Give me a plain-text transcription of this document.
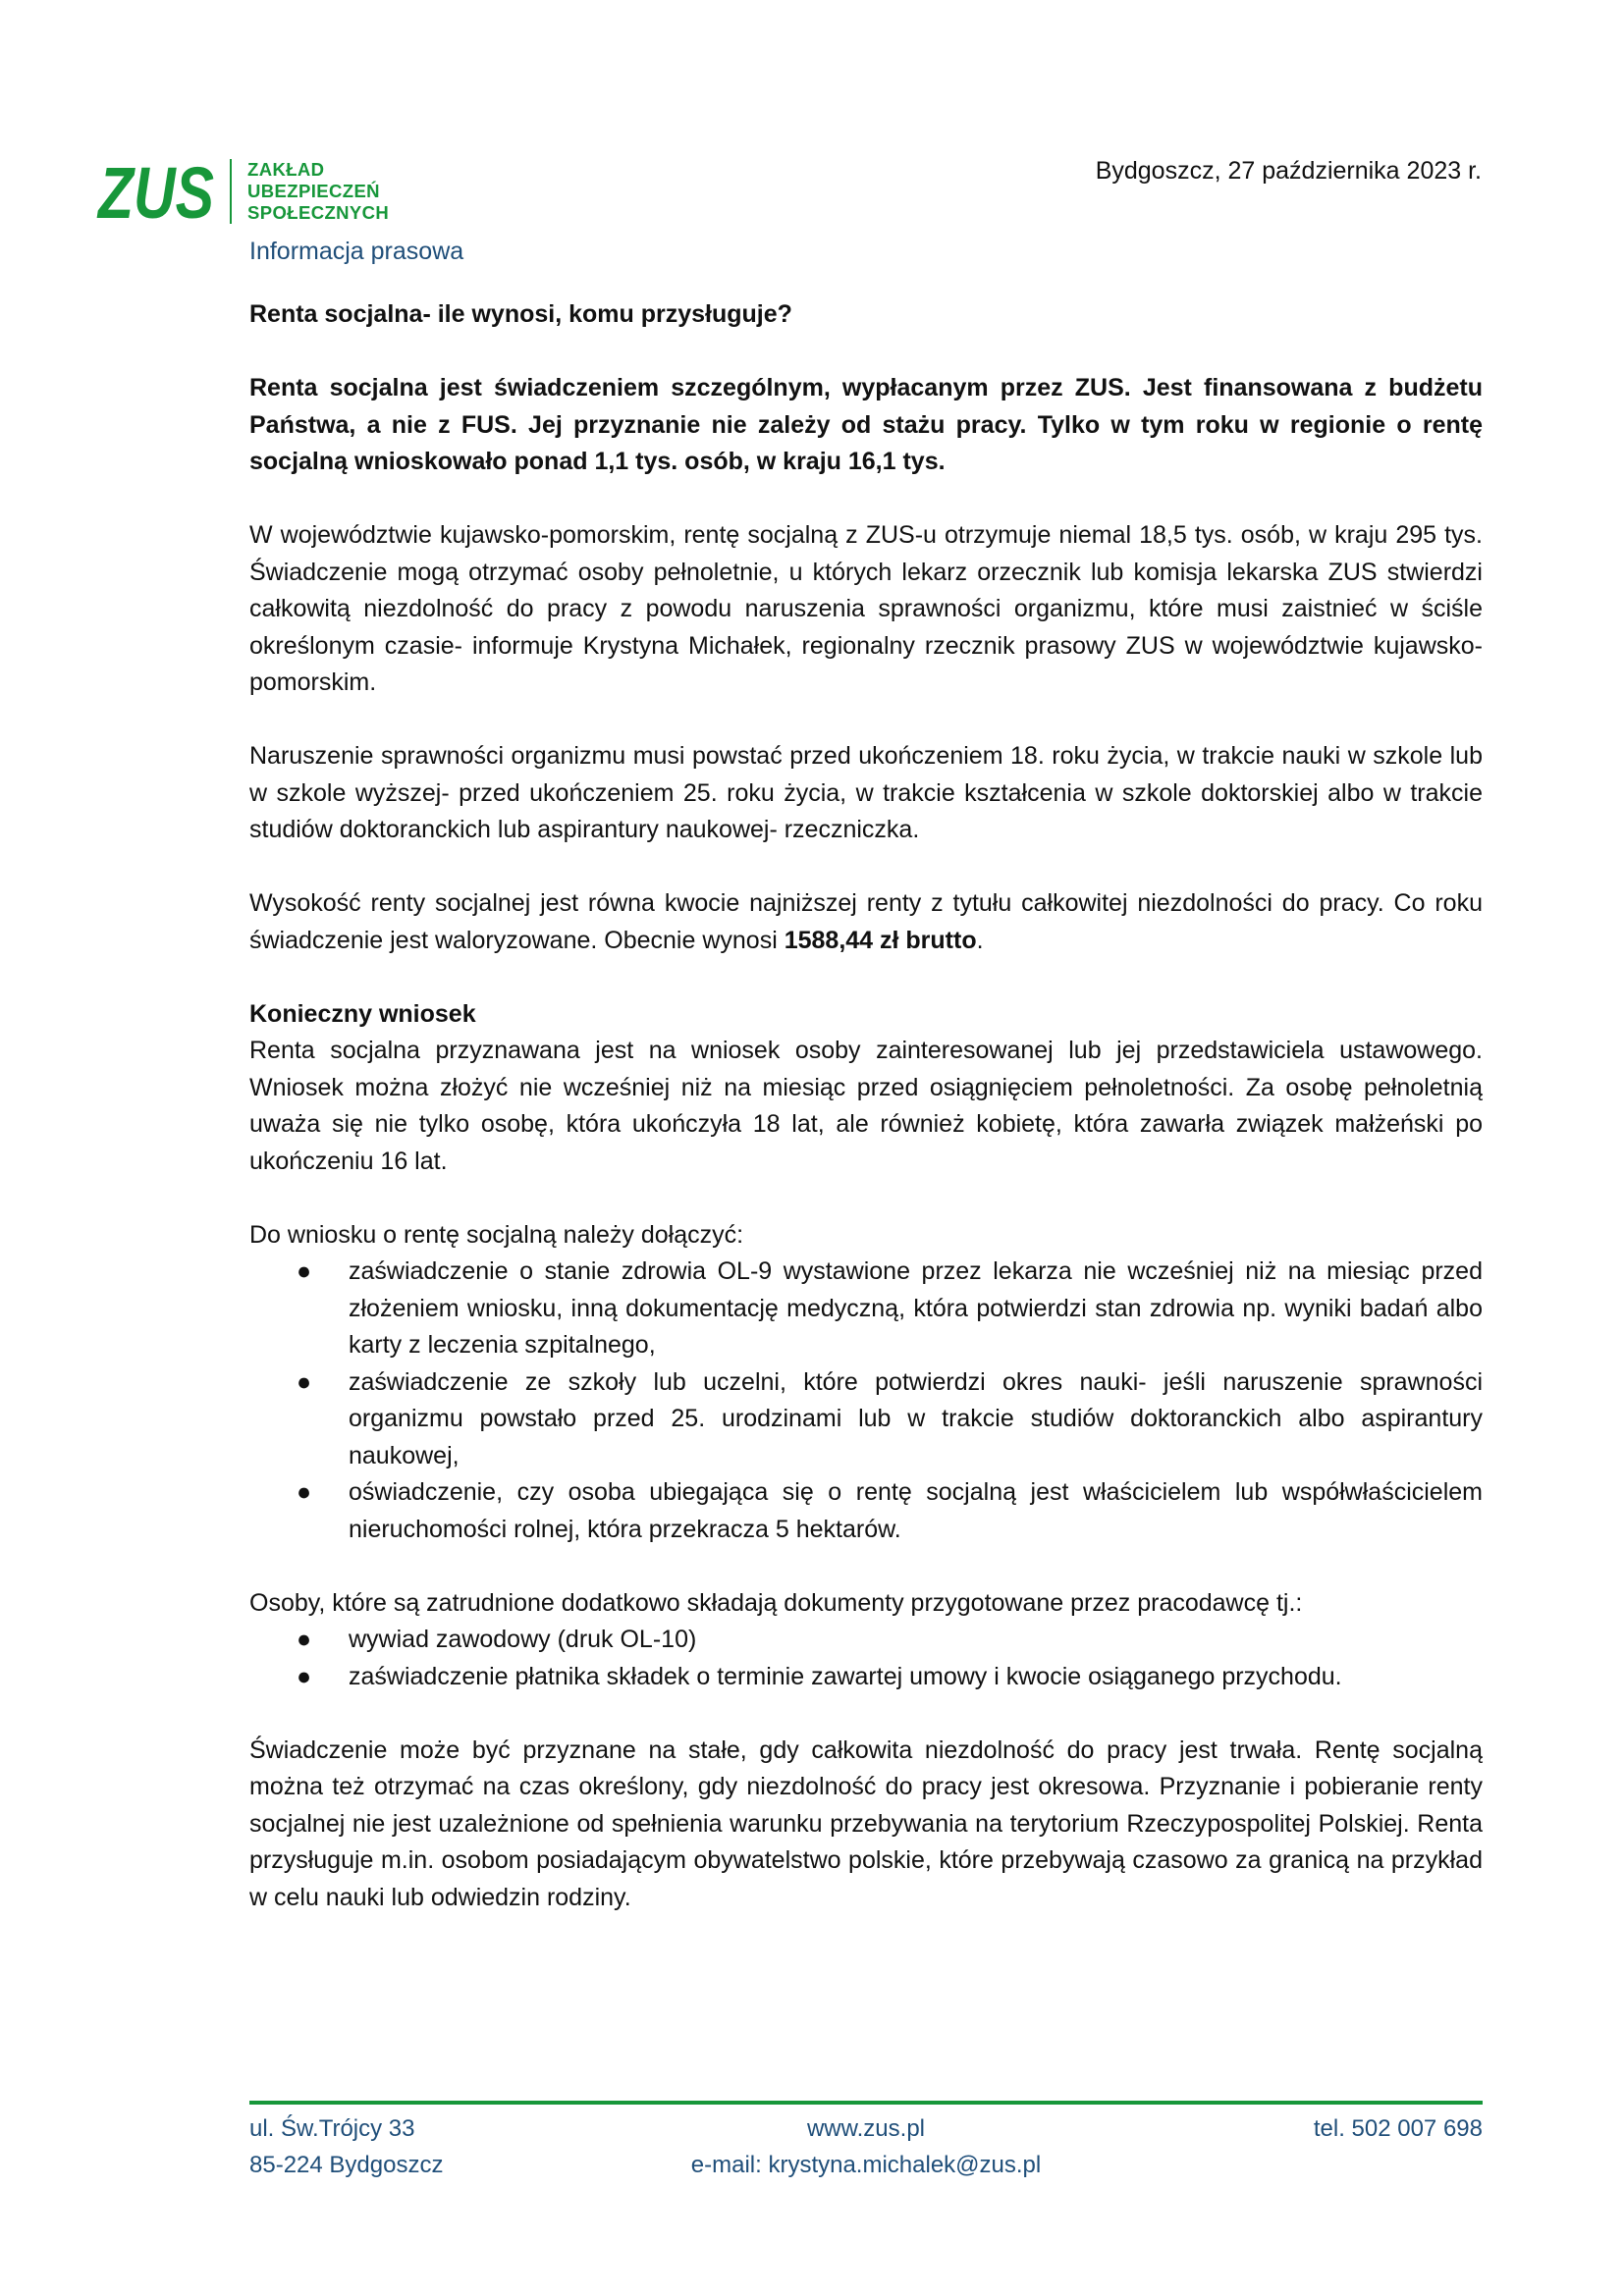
ZUS ZAKŁAD
UBEZPIECZEŃ
SPOŁECZNYCH
Informacja prasowa
Bydgoszcz, 27 października 2023 r.

Renta socjalna- ile wynosi, komu przysługuje?

Renta socjalna jest świadczeniem szczególnym, wypłacanym przez ZUS. Jest finansowana z budżetu Państwa, a nie z FUS. Jej przyznanie nie zależy od stażu pracy. Tylko w tym roku w regionie o rentę socjalną wnioskowało ponad 1,1 tys. osób, w kraju 16,1 tys.

W województwie kujawsko-pomorskim, rentę socjalną z ZUS-u otrzymuje niemal 18,5 tys. osób, w kraju 295 tys. Świadczenie mogą otrzymać osoby pełnoletnie, u których lekarz orzecznik lub komisja lekarska ZUS stwierdzi całkowitą niezdolność do pracy z powodu naruszenia sprawności organizmu, które musi zaistnieć w ściśle określonym czasie- informuje Krystyna Michałek, regionalny rzecznik prasowy ZUS w województwie kujawsko-pomorskim.

Naruszenie sprawności organizmu musi powstać przed ukończeniem 18. roku życia, w trakcie nauki w szkole lub w szkole wyższej- przed ukończeniem 25. roku życia, w trakcie kształcenia w szkole doktorskiej albo w trakcie studiów doktoranckich lub aspirantury naukowej- rzeczniczka.

Wysokość renty socjalnej jest równa kwocie najniższej renty z tytułu całkowitej niezdolności do pracy. Co roku świadczenie jest waloryzowane. Obecnie wynosi 1588,44 zł brutto.

Konieczny wniosek

Renta socjalna przyznawana jest na wniosek osoby zainteresowanej lub jej przedstawiciela ustawowego. Wniosek można złożyć nie wcześniej niż na miesiąc przed osiągnięciem pełnoletności. Za osobę pełnoletnią uważa się nie tylko osobę, która ukończyła 18 lat, ale również kobietę, która zawarła związek małżeński po ukończeniu 16 lat.

Do wniosku o rentę socjalną należy dołączyć:

● zaświadczenie o stanie zdrowia OL-9 wystawione przez lekarza nie wcześniej niż na miesiąc przed złożeniem wniosku, inną dokumentację medyczną, która potwierdzi stan zdrowia np. wyniki badań albo karty z leczenia szpitalnego,
● zaświadczenie ze szkoły lub uczelni, które potwierdzi okres nauki- jeśli naruszenie sprawności organizmu powstało przed 25. urodzinami lub w trakcie studiów doktoranckich albo aspirantury naukowej,
● oświadczenie, czy osoba ubiegająca się o rentę socjalną jest właścicielem lub współwłaścicielem nieruchomości rolnej, która przekracza 5 hektarów.

Osoby, które są zatrudnione dodatkowo składają dokumenty przygotowane przez pracodawcę tj.:

● wywiad zawodowy (druk OL-10)
● zaświadczenie płatnika składek o terminie zawartej umowy i kwocie osiąganego przychodu.

Świadczenie może być przyznane na stałe, gdy całkowita niezdolność do pracy jest trwała. Rentę socjalną można też otrzymać na czas określony, gdy niezdolność do pracy jest okresowa. Przyznanie i pobieranie renty socjalnej nie jest uzależnione od spełnienia warunku przebywania na terytorium Rzeczypospolitej Polskiej. Renta przysługuje m.in. osobom posiadającym obywatelstwo polskie, które przebywają czasowo za granicą na przykład w celu nauki lub odwiedzin rodziny.

ul. Św.Trójcy 33
85-224 Bydgoszcz
www.zus.pl
e-mail: krystyna.michalek@zus.pl
tel. 502 007 698
